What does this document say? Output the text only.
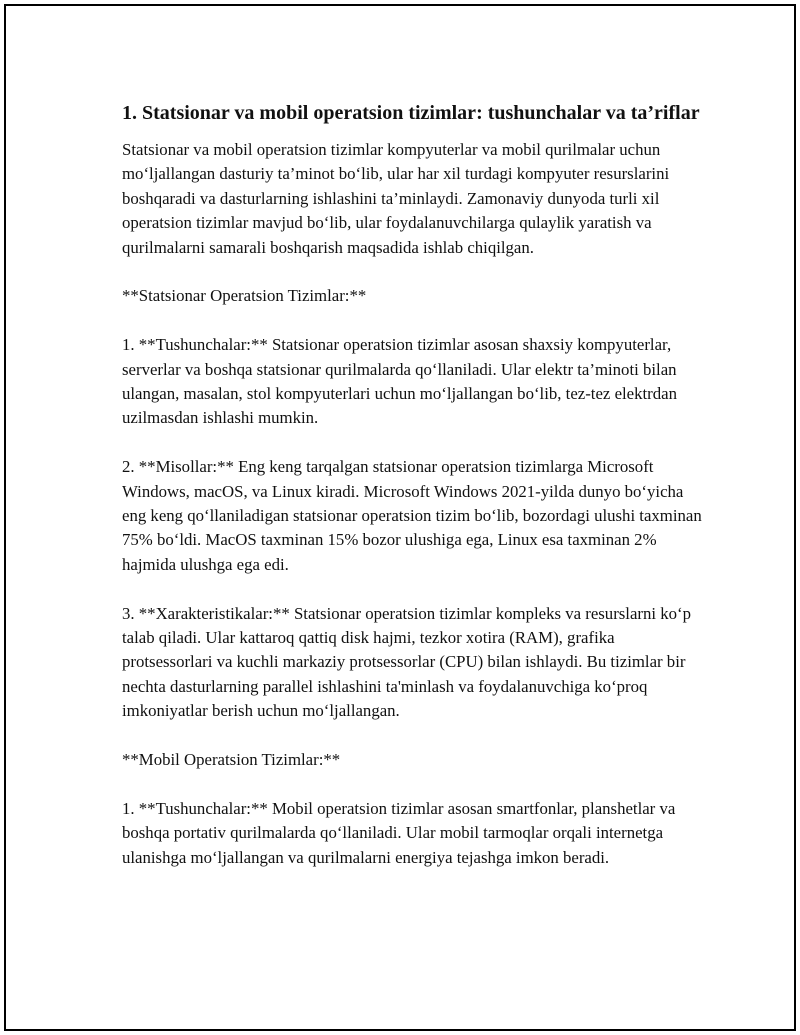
1. Statsionar va mobil operatsion tizimlar: tushunchalar va ta’riflar

Statsionar va mobil operatsion tizimlar kompyuterlar va mobil qurilmalar uchun mo‘ljallangan dasturiy ta’minot bo‘lib, ular har xil turdagi kompyuter resurslarini boshqaradi va dasturlarning ishlashini ta’minlaydi. Zamonaviy dunyoda turli xil operatsion tizimlar mavjud bo‘lib, ular foydalanuvchilarga qulaylik yaratish va qurilmalarni samarali boshqarish maqsadida ishlab chiqilgan.

**Statsionar Operatsion Tizimlar:**

1. **Tushunchalar:** Statsionar operatsion tizimlar asosan shaxsiy kompyuterlar, serverlar va boshqa statsionar qurilmalarda qo‘llaniladi. Ular elektr ta’minoti bilan ulangan, masalan, stol kompyuterlari uchun mo‘ljallangan bo‘lib, tez-tez elektrdan uzilmasdan ishlashi mumkin.

2. **Misollar:** Eng keng tarqalgan statsionar operatsion tizimlarga Microsoft Windows, macOS, va Linux kiradi. Microsoft Windows 2021-yilda dunyo bo‘yicha eng keng qo‘llaniladigan statsionar operatsion tizim bo‘lib, bozordagi ulushi taxminan 75% bo‘ldi. MacOS taxminan 15% bozor ulushiga ega, Linux esa taxminan 2% hajmida ulushga ega edi.

3. **Xarakteristikalar:** Statsionar operatsion tizimlar kompleks va resurslarni ko‘p talab qiladi. Ular kattaroq qattiq disk hajmi, tezkor xotira (RAM), grafika protsessorlari va kuchli markaziy protsessorlar (CPU) bilan ishlaydi. Bu tizimlar bir nechta dasturlarning parallel ishlashini ta'minlash va foydalanuvchiga ko‘proq imkoniyatlar berish uchun mo‘ljallangan.

**Mobil Operatsion Tizimlar:**

1. **Tushunchalar:** Mobil operatsion tizimlar asosan smartfonlar, planshetlar va boshqa portativ qurilmalarda qo‘llaniladi. Ular mobil tarmoqlar orqali internetga ulanishga mo‘ljallangan va qurilmalarni energiya tejashga imkon beradi.
